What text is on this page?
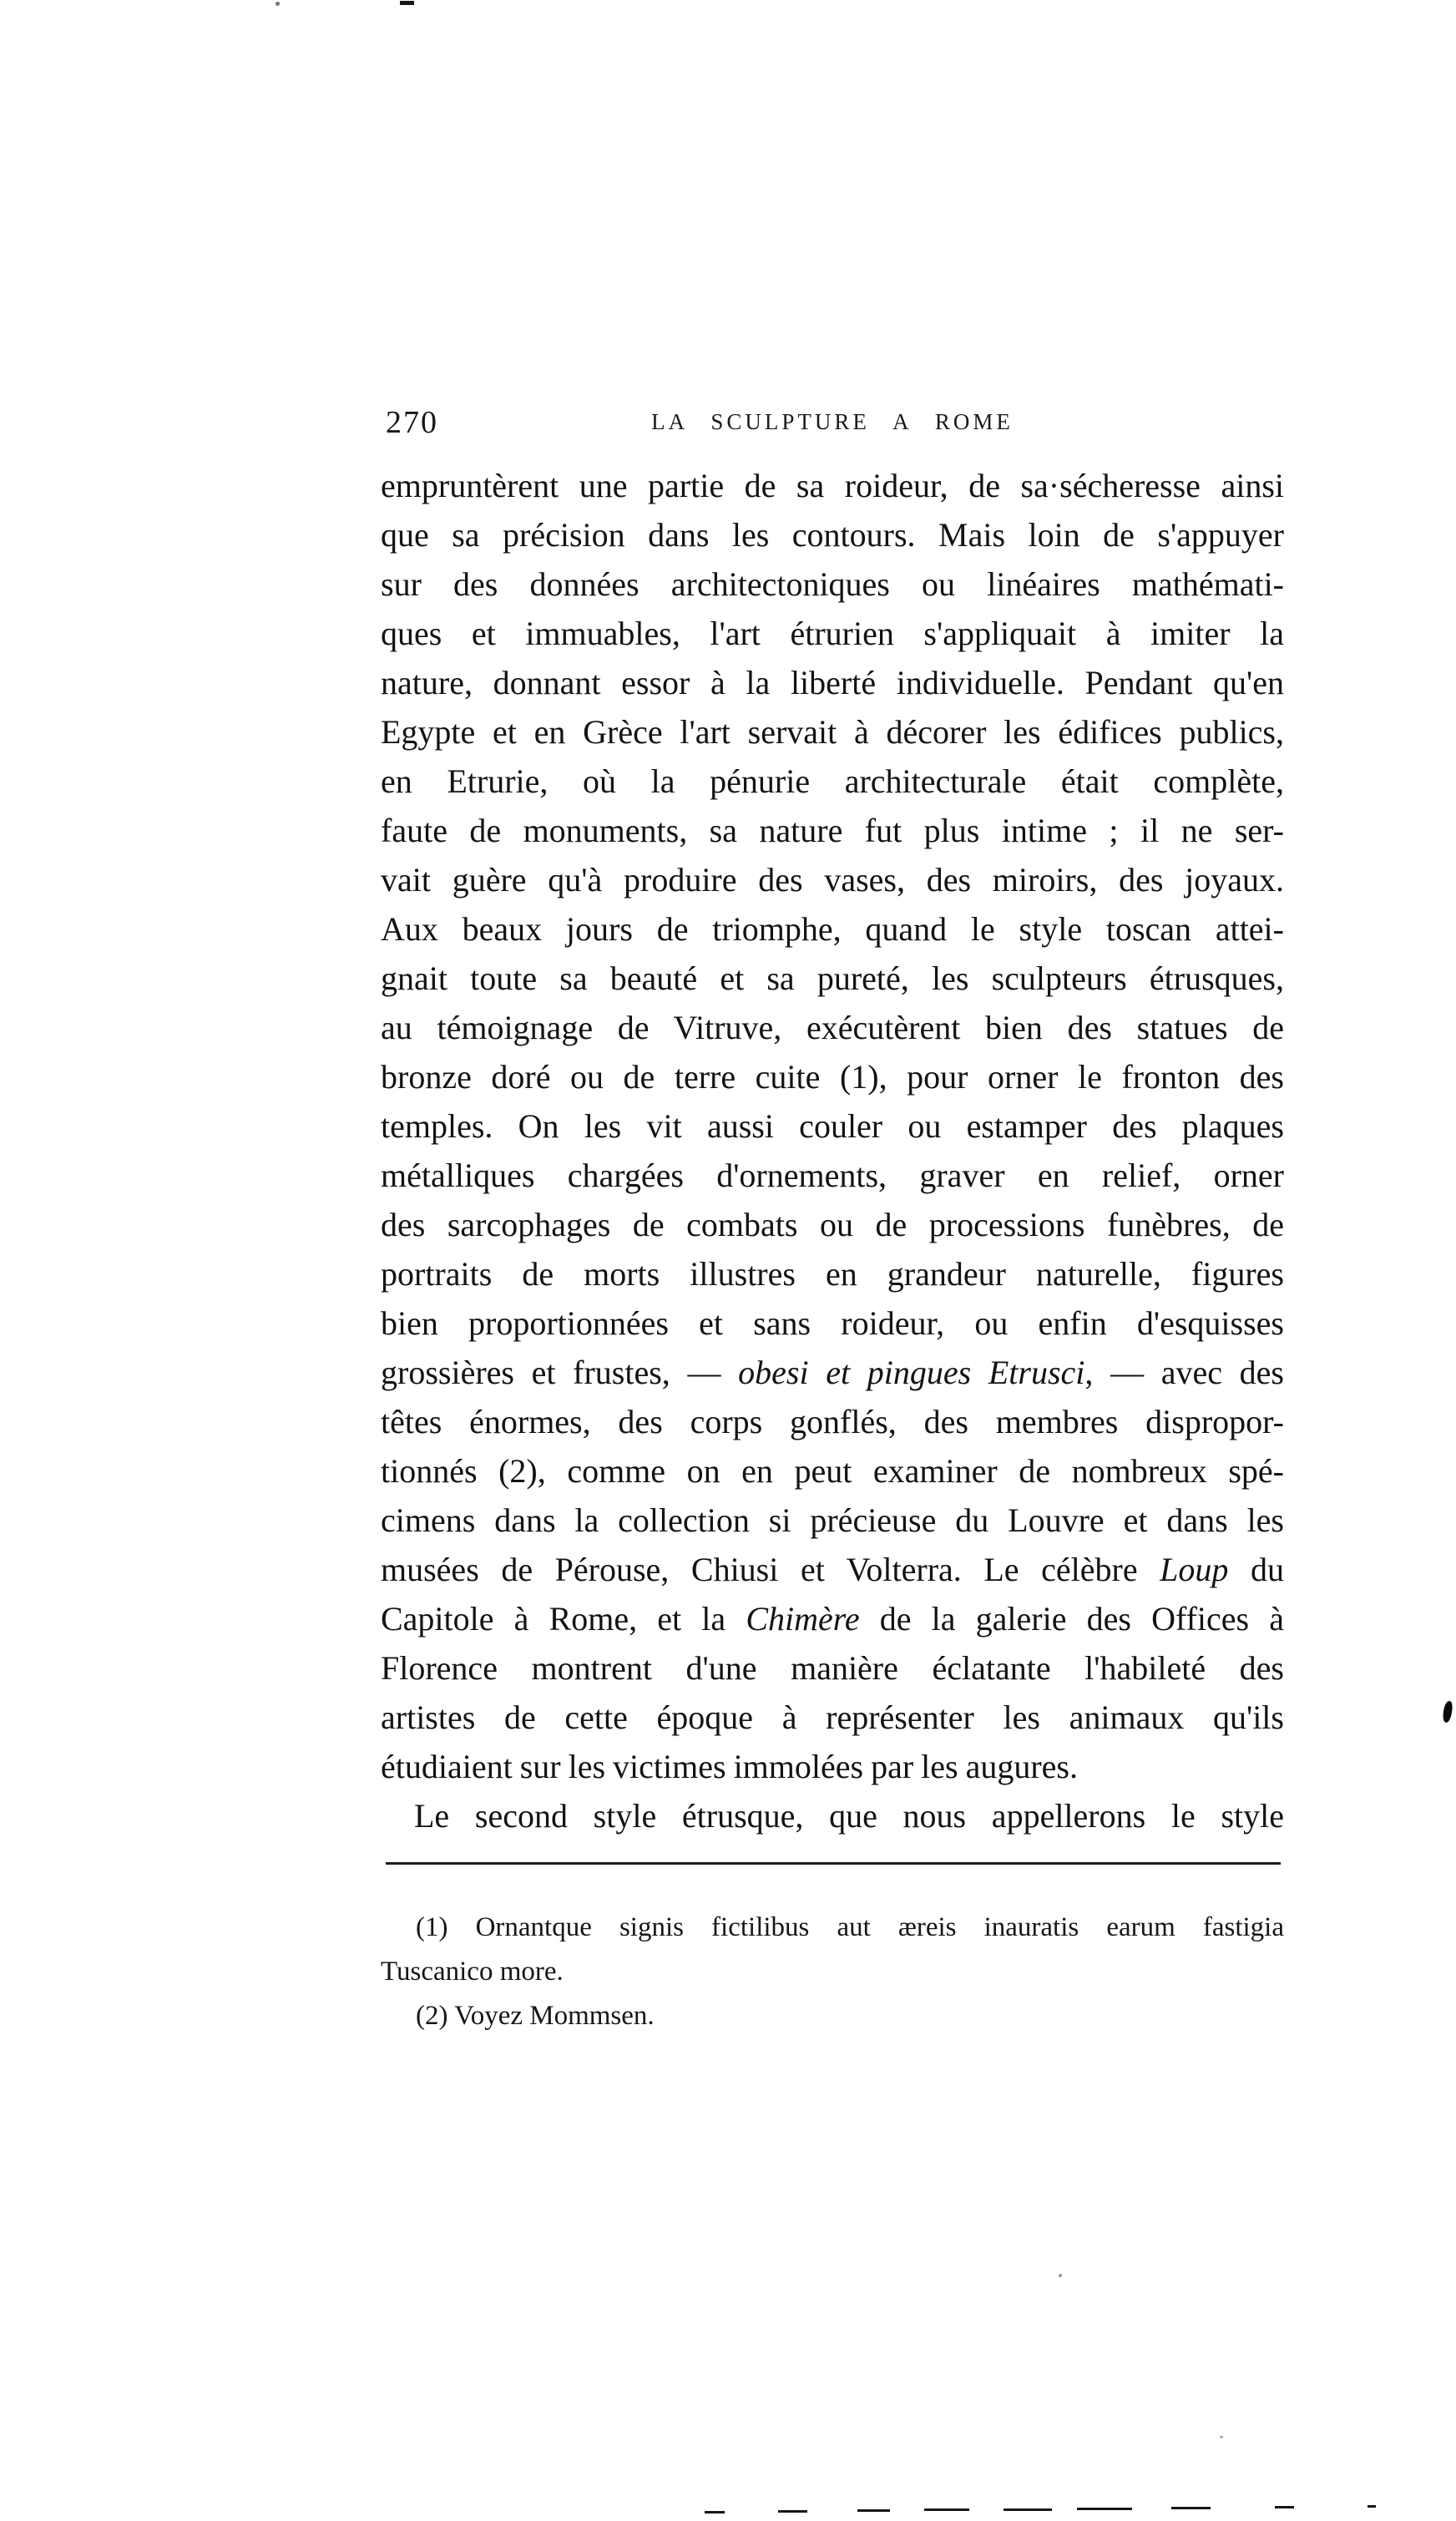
270	LA SCULPTURE A ROME
empruntèrent une partie de sa roideur, de sa·sécheresse ainsi
que sa précision dans les contours. Mais loin de s'appuyer
sur des données architectoniques ou linéaires mathémati-
ques et immuables, l'art étrurien s'appliquait à imiter la
nature, donnant essor à la liberté individuelle. Pendant qu'en
Egypte et en Grèce l'art servait à décorer les édifices publics,
en Etrurie, où la pénurie architecturale était complète,
faute de monuments, sa nature fut plus intime ; il ne ser-
vait guère qu'à produire des vases, des miroirs, des joyaux.
Aux beaux jours de triomphe, quand le style toscan attei-
gnait toute sa beauté et sa pureté, les sculpteurs étrusques,
au témoignage de Vitruve, exécutèrent bien des statues de
bronze doré ou de terre cuite (1), pour orner le fronton des
temples. On les vit aussi couler ou estamper des plaques
métalliques chargées d'ornements, graver en relief, orner
des sarcophages de combats ou de processions funèbres, de
portraits de morts illustres en grandeur naturelle, figures
bien proportionnées et sans roideur, ou enfin d'esquisses
grossières et frustes, — obesi et pingues Etrusci, — avec des
têtes énormes, des corps gonflés, des membres dispropor-
tionnés (2), comme on en peut examiner de nombreux spé-
cimens dans la collection si précieuse du Louvre et dans les
musées de Pérouse, Chiusi et Volterra. Le célèbre Loup du
Capitole à Rome, et la Chimère de la galerie des Offices à
Florence montrent d'une manière éclatante l'habileté des
artistes de cette époque à représenter les animaux qu'ils
étudiaient sur les victimes immolées par les augures.
Le second style étrusque, que nous appellerons le style
(1) Ornantque signis fictilibus aut æreis inauratis earum fastigia
Tuscanico more.
(2) Voyez Mommsen.
